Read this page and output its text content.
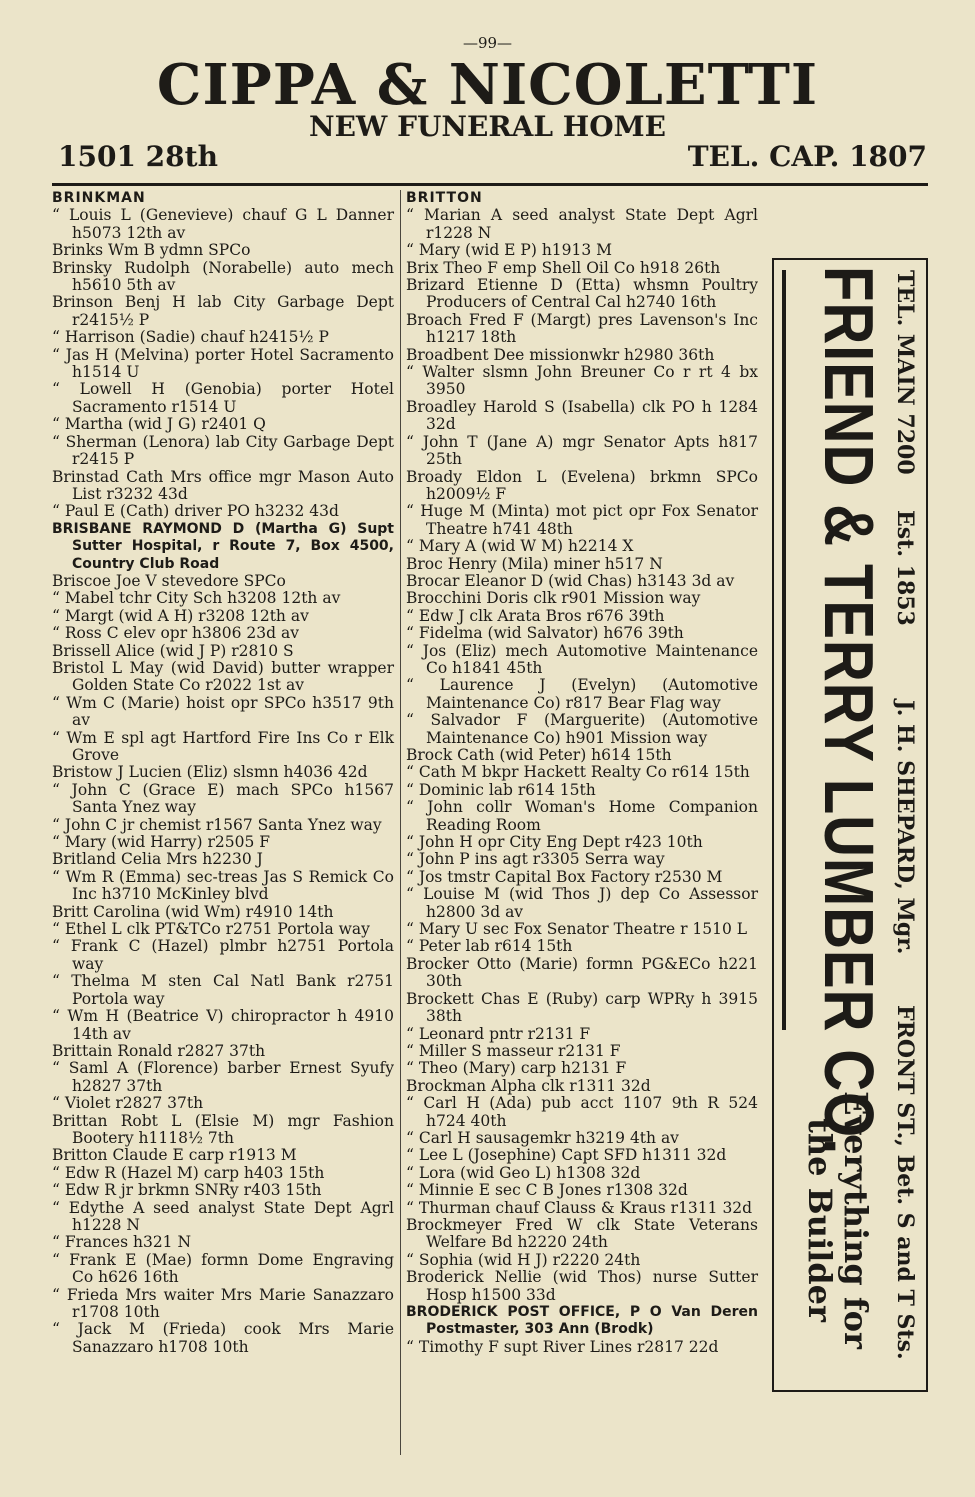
—99—
CIPPA & NICOLETTI
NEW FUNERAL HOME
1501 28th	TEL. CAP. 1807
BRINKMAN
“ Louis L (Genevieve) chauf G L Danner h5073 12th av
Brinks Wm B ydmn SPCo
Brinsky Rudolph (Norabelle) auto mech h5610 5th av
Brinson Benj H lab City Garbage Dept r2415½ P
“ Harrison (Sadie) chauf h2415½ P
“ Jas H (Melvina) porter Hotel Sacramento h1514 U
“ Lowell H (Genobia) porter Hotel Sacramento r1514 U
“ Martha (wid J G) r2401 Q
“ Sherman (Lenora) lab City Garbage Dept r2415 P
Brinstad Cath Mrs office mgr Mason Auto List r3232 43d
“ Paul E (Cath) driver PO h3232 43d
BRISBANE RAYMOND D (Martha G) Supt Sutter Hospital, r Route 7, Box 4500, Country Club Road
Briscoe Joe V stevedore SPCo
“ Mabel tchr City Sch h3208 12th av
“ Margt (wid A H) r3208 12th av
“ Ross C elev opr h3806 23d av
Brissell Alice (wid J P) r2810 S
Bristol L May (wid David) butter wrapper Golden State Co r2022 1st av
“ Wm C (Marie) hoist opr SPCo h3517 9th av
“ Wm E spl agt Hartford Fire Ins Co r Elk Grove
Bristow J Lucien (Eliz) slsmn h4036 42d
“ John C (Grace E) mach SPCo h1567 Santa Ynez way
“ John C jr chemist r1567 Santa Ynez way
“ Mary (wid Harry) r2505 F
Britland Celia Mrs h2230 J
“ Wm R (Emma) sec-treas Jas S Remick Co Inc h3710 McKinley blvd
Britt Carolina (wid Wm) r4910 14th
“ Ethel L clk PT&TCo r2751 Portola way
“ Frank C (Hazel) plmbr h2751 Portola way
“ Thelma M sten Cal Natl Bank r2751 Portola way
“ Wm H (Beatrice V) chiropractor h 4910 14th av
Brittain Ronald r2827 37th
“ Saml A (Florence) barber Ernest Syufy h2827 37th
“ Violet r2827 37th
Brittan Robt L (Elsie M) mgr Fashion Bootery h1118½ 7th
Britton Claude E carp r1913 M
“ Edw R (Hazel M) carp h403 15th
“ Edw R jr brkmn SNRy r403 15th
“ Edythe A seed analyst State Dept Agrl h1228 N
“ Frances h321 N
“ Frank E (Mae) formn Dome Engraving Co h626 16th
“ Frieda Mrs waiter Mrs Marie Sanazzaro r1708 10th
“ Jack M (Frieda) cook Mrs Marie Sanazzaro h1708 10th
BRITTON
“ Marian A seed analyst State Dept Agrl r1228 N
“ Mary (wid E P) h1913 M
Brix Theo F emp Shell Oil Co h918 26th
Brizard Etienne D (Etta) whsmn Poultry Producers of Central Cal h2740 16th
Broach Fred F (Margt) pres Lavenson's Inc h1217 18th
Broadbent Dee missionwkr h2980 36th
“ Walter slsmn John Breuner Co r rt 4 bx 3950
Broadley Harold S (Isabella) clk PO h 1284 32d
“ John T (Jane A) mgr Senator Apts h817 25th
Broady Eldon L (Evelena) brkmn SPCo h2009½ F
“ Huge M (Minta) mot pict opr Fox Senator Theatre h741 48th
“ Mary A (wid W M) h2214 X
Broc Henry (Mila) miner h517 N
Brocar Eleanor D (wid Chas) h3143 3d av
Brocchini Doris clk r901 Mission way
“ Edw J clk Arata Bros r676 39th
“ Fidelma (wid Salvator) h676 39th
“ Jos (Eliz) mech Automotive Maintenance Co h1841 45th
“ Laurence J (Evelyn) (Automotive Maintenance Co) r817 Bear Flag way
“ Salvador F (Marguerite) (Automotive Maintenance Co) h901 Mission way
Brock Cath (wid Peter) h614 15th
“ Cath M bkpr Hackett Realty Co r614 15th
“ Dominic lab r614 15th
“ John collr Woman's Home Companion Reading Room
“ John H opr City Eng Dept r423 10th
“ John P ins agt r3305 Serra way
“ Jos tmstr Capital Box Factory r2530 M
“ Louise M (wid Thos J) dep Co Assessor h2800 3d av
“ Mary U sec Fox Senator Theatre r 1510 L
“ Peter lab r614 15th
Brocker Otto (Marie) formn PG&ECo h221 30th
Brockett Chas E (Ruby) carp WPRy h 3915 38th
“ Leonard pntr r2131 F
“ Miller S masseur r2131 F
“ Theo (Mary) carp h2131 F
Brockman Alpha clk r1311 32d
“ Carl H (Ada) pub acct 1107 9th R 524 h724 40th
“ Carl H sausagemkr h3219 4th av
“ Lee L (Josephine) Capt SFD h1311 32d
“ Lora (wid Geo L) h1308 32d
“ Minnie E sec C B Jones r1308 32d
“ Thurman chauf Clauss & Kraus r1311 32d
Brockmeyer Fred W clk State Veterans Welfare Bd h2220 24th
“ Sophia (wid H J) r2220 24th
Broderick Nellie (wid Thos) nurse Sutter Hosp h1500 33d
BRODERICK POST OFFICE, P O Van Deren Postmaster, 303 Ann (Brodk)
“ Timothy F supt River Lines r2817 22d
TEL. MAIN 7200
Est. 1853
J. H. SHEPARD, Mgr.
FRONT ST., Bet. S and T Sts.
FRIEND & TERRY LUMBER CO.
Everything for the Builder
